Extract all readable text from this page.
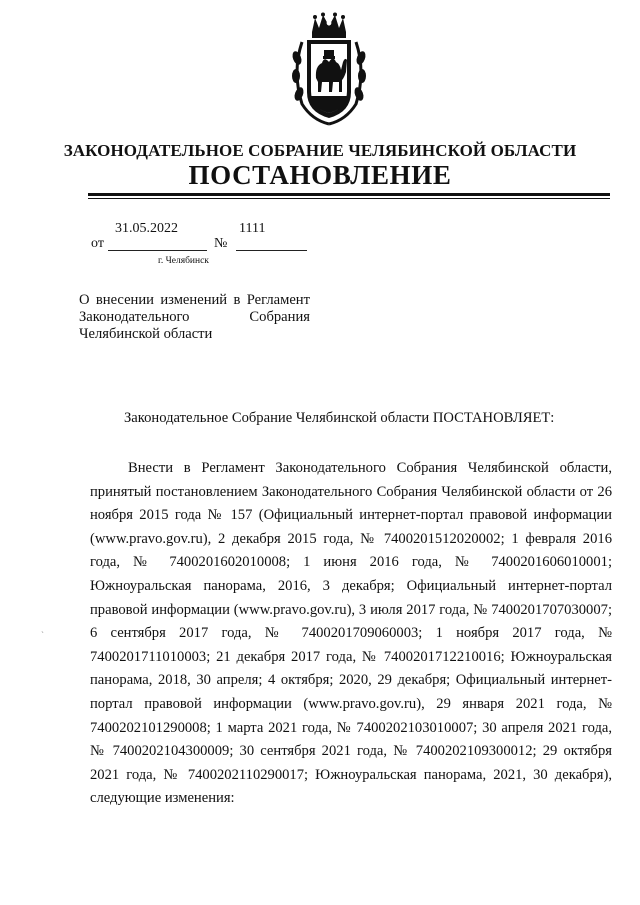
ЗАКОНОДАТЕЛЬНОЕ СОБРАНИЕ ЧЕЛЯБИНСКОЙ ОБЛАСТИ
ПОСТАНОВЛЕНИЕ
от
31.05.2022
№
1111
г. Челябинск
О внесении изменений в Регламент Законодательного Собрания Челябинской области
Законодательное Собрание Челябинской области ПОСТАНОВЛЯЕТ:
Внести в Регламент Законодательного Собрания Челябинской области, принятый постановлением Законодательного Собрания Челябинской области от 26 ноября 2015 года № 157 (Официальный интернет-портал правовой информации (www.pravo.gov.ru), 2 декабря 2015 года, № 7400201512020002; 1 февраля 2016 года, № 7400201602010008; 1 июня 2016 года, № 7400201606010001; Южноуральская панорама, 2016, 3 декабря; Официальный интернет-портал правовой информации (www.pravo.gov.ru), 3 июля 2017 года, № 7400201707030007; 6 сентября 2017 года, № 7400201709060003; 1 ноября 2017 года, № 7400201711010003; 21 декабря 2017 года, № 7400201712210016; Южноуральская панорама, 2018, 30 апреля; 4 октября; 2020, 29 декабря; Официальный интернет-портал правовой информации (www.pravo.gov.ru), 29 января 2021 года, № 7400202101290008; 1 марта 2021 года, № 7400202103010007; 30 апреля 2021 года, № 7400202104300009; 30 сентября 2021 года, № 7400202109300012; 29 октября 2021 года, № 7400202110290017; Южноуральская панорама, 2021, 30 декабря), следующие изменения:
`
